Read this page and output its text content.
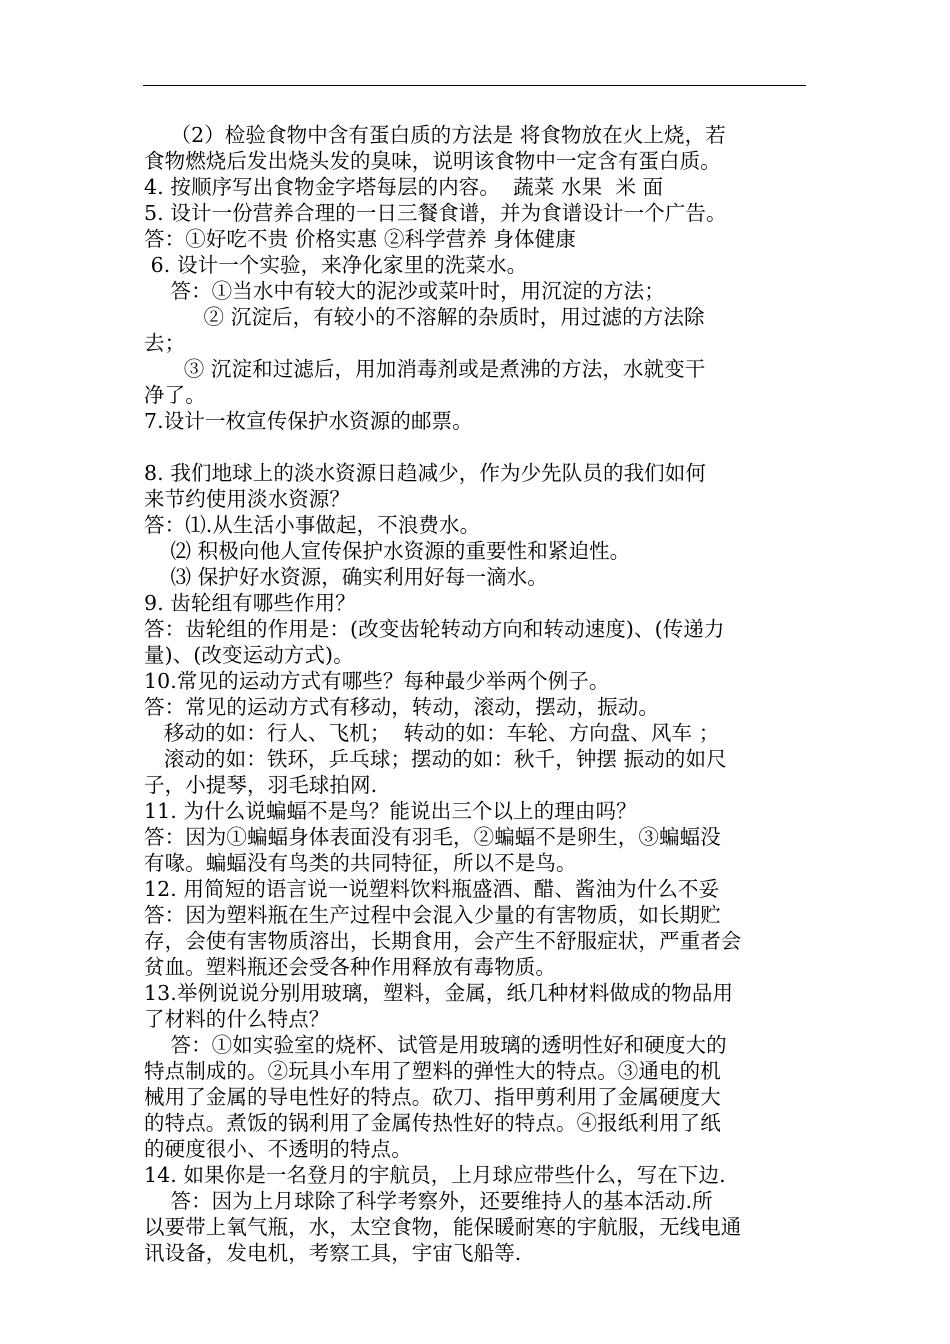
（2）检验食物中含有蛋白质的方法是 将食物放在火上烧，若
食物燃烧后发出烧头发的臭味，说明该食物中一定含有蛋白质。
4. 按顺序写出食物金字塔每层的内容。  蔬菜 水果  米 面
5. 设计一份营养合理的一日三餐食谱，并为食谱设计一个广告。
答：①好吃不贵 价格实惠 ②科学营养 身体健康
6. 设计一个实验，来净化家里的洗菜水。
答：①当水中有较大的泥沙或菜叶时，用沉淀的方法；
② 沉淀后，有较小的不溶解的杂质时，用过滤的方法除
去；
③ 沉淀和过滤后，用加消毒剂或是煮沸的方法，水就变干
净了。
7.设计一枚宣传保护水资源的邮票。
8. 我们地球上的淡水资源日趋减少，作为少先队员的我们如何
来节约使用淡水资源？
答：⑴.从生活小事做起，不浪费水。
⑵ 积极向他人宣传保护水资源的重要性和紧迫性。
⑶ 保护好水资源，确实利用好每一滴水。
9. 齿轮组有哪些作用？
答：齿轮组的作用是：(改变齿轮转动方向和转动速度)、(传递力
量)、(改变运动方式)。
10.常见的运动方式有哪些？每种最少举两个例子。
答：常见的运动方式有移动，转动，滚动，摆动，振动。
移动的如：行人、飞机；  转动的如：车轮、方向盘、风车 ；
滚动的如：铁环，乒乓球；摆动的如：秋千，钟摆 振动的如尺
子，小提琴，羽毛球拍网.
11. 为什么说蝙蝠不是鸟？能说出三个以上的理由吗？
答：因为①蝙蝠身体表面没有羽毛，②蝙蝠不是卵生，③蝙蝠没
有喙。蝙蝠没有鸟类的共同特征，所以不是鸟。
12. 用简短的语言说一说塑料饮料瓶盛酒、醋、酱油为什么不妥
答：因为塑料瓶在生产过程中会混入少量的有害物质，如长期贮
存，会使有害物质溶出，长期食用，会产生不舒服症状，严重者会
贫血。塑料瓶还会受各种作用释放有毒物质。
13.举例说说分别用玻璃，塑料，金属，纸几种材料做成的物品用
了材料的什么特点？
答：①如实验室的烧杯、试管是用玻璃的透明性好和硬度大的
特点制成的。②玩具小车用了塑料的弹性大的特点。③通电的机
械用了金属的导电性好的特点。砍刀、指甲剪利用了金属硬度大
的特点。煮饭的锅利用了金属传热性好的特点。④报纸利用了纸
的硬度很小、不透明的特点。
14. 如果你是一名登月的宇航员，上月球应带些什么，写在下边.
答：因为上月球除了科学考察外，还要维持人的基本活动.所
以要带上氧气瓶，水，太空食物，能保暖耐寒的宇航服，无线电通
讯设备，发电机，考察工具，宇宙飞船等.
